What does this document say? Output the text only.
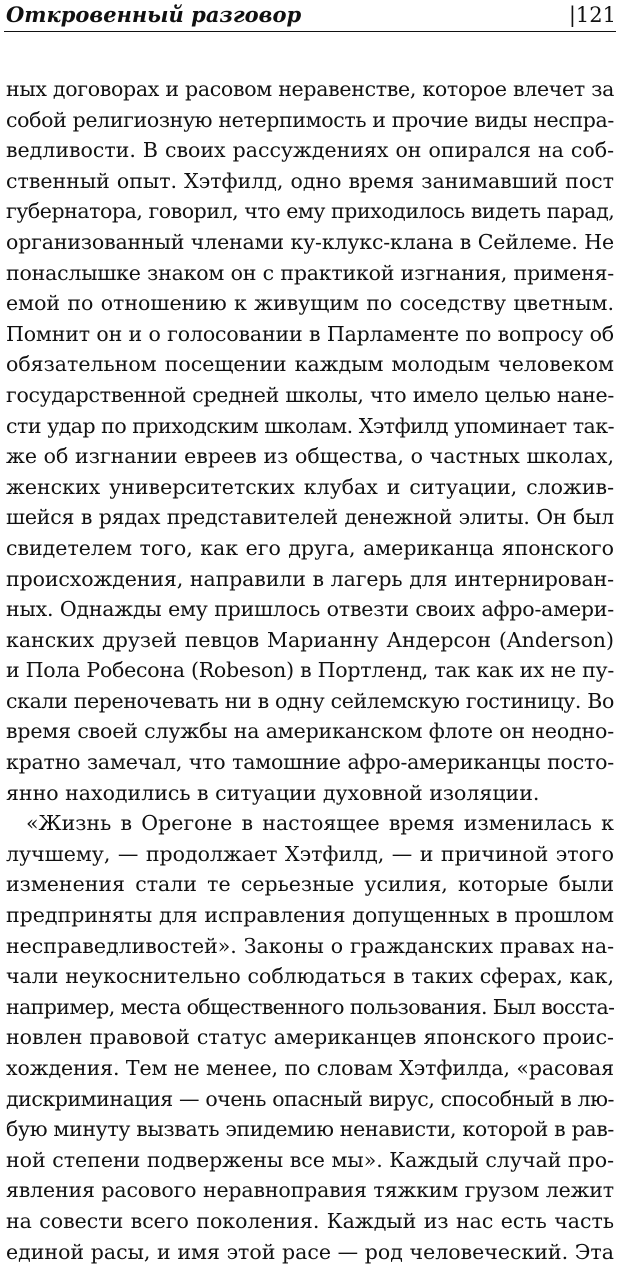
Откровенный разговор	|121
ных договорах и расовом неравенстве, которое влечет за
собой религиозную нетерпимость и прочие виды неспра-
ведливости. В своих рассуждениях он опирался на соб-
ственный опыт. Хэтфилд, одно время занимавший пост
губернатора, говорил, что ему приходилось видеть парад,
организованный членами ку-клукс-клана в Сейлеме. Не
понаслышке знаком он с практикой изгнания, применя-
емой по отношению к живущим по соседству цветным.
Помнит он и о голосовании в Парламенте по вопросу об
обязательном посещении каждым молодым человеком
государственной средней школы, что имело целью нане-
сти удар по приходским школам. Хэтфилд упоминает так-
же об изгнании евреев из общества, о частных школах,
женских университетских клубах и ситуации, сложив-
шейся в рядах представителей денежной элиты. Он был
свидетелем того, как его друга, американца японского
происхождения, направили в лагерь для интернирован-
ных. Однажды ему пришлось отвезти своих афро-амери-
канских друзей певцов Марианну Андерсон (Anderson)
и Пола Робесона (Robeson) в Портленд, так как их не пу-
скали переночевать ни в одну сейлемскую гостиницу. Во
время своей службы на американском флоте он неодно-
кратно замечал, что тамошние афро-американцы посто-
янно находились в ситуации духовной изоляции.
«Жизнь в Орегоне в настоящее время изменилась к
лучшему, — продолжает Хэтфилд, — и причиной этого
изменения стали те серьезные усилия, которые были
предприняты для исправления допущенных в прошлом
несправедливостей». Законы о гражданских правах на-
чали неукоснительно соблюдаться в таких сферах, как,
например, места общественного пользования. Был восста-
новлен правовой статус американцев японского проис-
хождения. Тем не менее, по словам Хэтфилда, «расовая
дискриминация — очень опасный вирус, способный в лю-
бую минуту вызвать эпидемию ненависти, которой в рав-
ной степени подвержены все мы». Каждый случай про-
явления расового неравноправия тяжким грузом лежит
на совести всего поколения. Каждый из нас есть часть
единой расы, и имя этой расе — род человеческий. Эта
